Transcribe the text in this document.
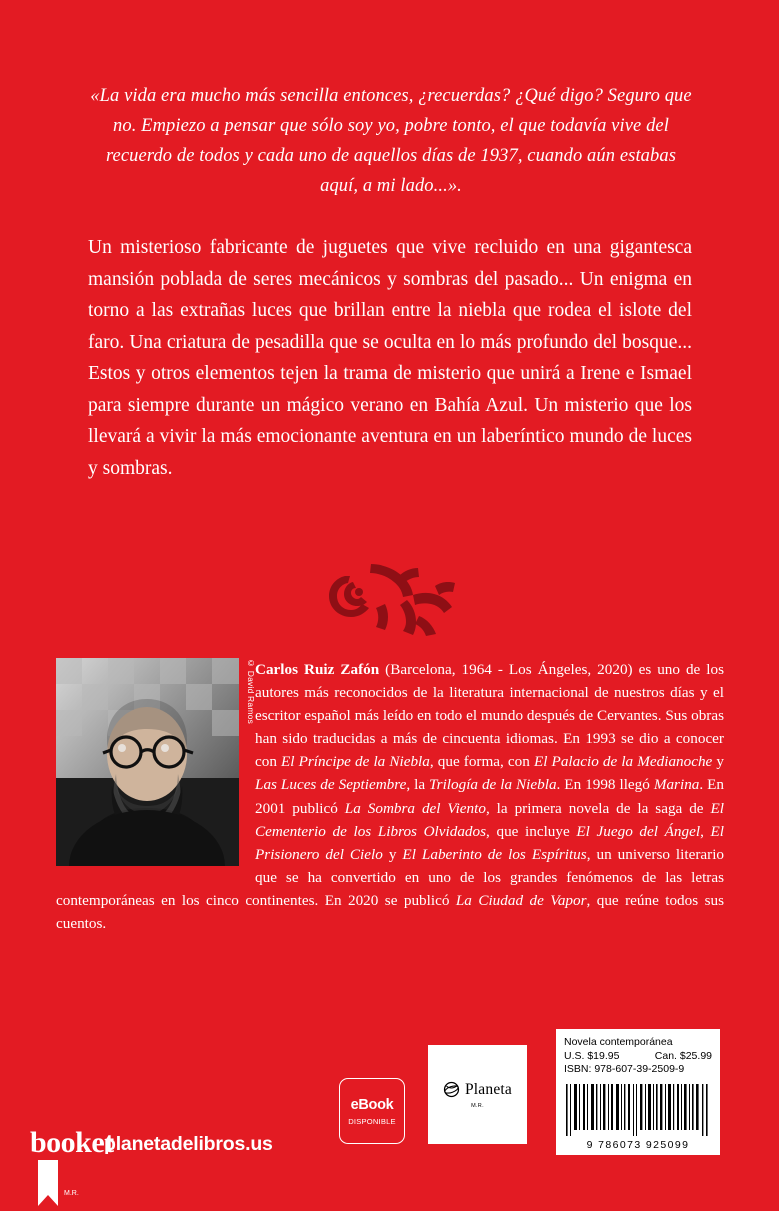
«La vida era mucho más sencilla entonces, ¿recuerdas? ¿Qué digo? Seguro que no. Empiezo a pensar que sólo soy yo, pobre tonto, el que todavía vive del recuerdo de todos y cada uno de aquellos días de 1937, cuando aún estabas aquí, a mi lado...».
Un misterioso fabricante de juguetes que vive recluido en una gigantesca mansión poblada de seres mecánicos y sombras del pasado... Un enigma en torno a las extrañas luces que brillan entre la niebla que rodea el islote del faro. Una criatura de pesadilla que se oculta en lo más profundo del bosque... Estos y otros elementos tejen la trama de misterio que unirá a Irene e Ismael para siempre durante un mágico verano en Bahía Azul. Un misterio que los llevará a vivir la más emocionante aventura en un laberíntico mundo de luces y sombras.
© David Ramos Carlos Ruiz Zafón (Barcelona, 1964 - Los Ángeles, 2020) es uno de los autores más reconocidos de la literatura internacional de nuestros días y el escritor español más leído en todo el mundo después de Cervantes. Sus obras han sido traducidas a más de cincuenta idiomas. En 1993 se dio a conocer con El Príncipe de la Niebla, que forma, con El Palacio de la Medianoche y Las Luces de Septiembre, la Trilogía de la Niebla. En 1998 llegó Marina. En 2001 publicó La Sombra del Viento, la primera novela de la saga de El Cementerio de los Libros Olvidados, que incluye El Juego del Ángel, El Prisionero del Cielo y El Laberinto de los Espíritus, un universo literario que se ha convertido en uno de los grandes fenómenos de las letras contemporáneas en los cinco continentes. En 2020 se publicó La Ciudad de Vapor, que reúne todos sus cuentos.
booket
M.R.
planetadelibros.us
eBook
DISPONIBLE
Planeta
M.R.
Novela contemporánea
U.S. $19.95	Can. $25.99
ISBN: 978-607-39-2509-9
9 786073 925099
